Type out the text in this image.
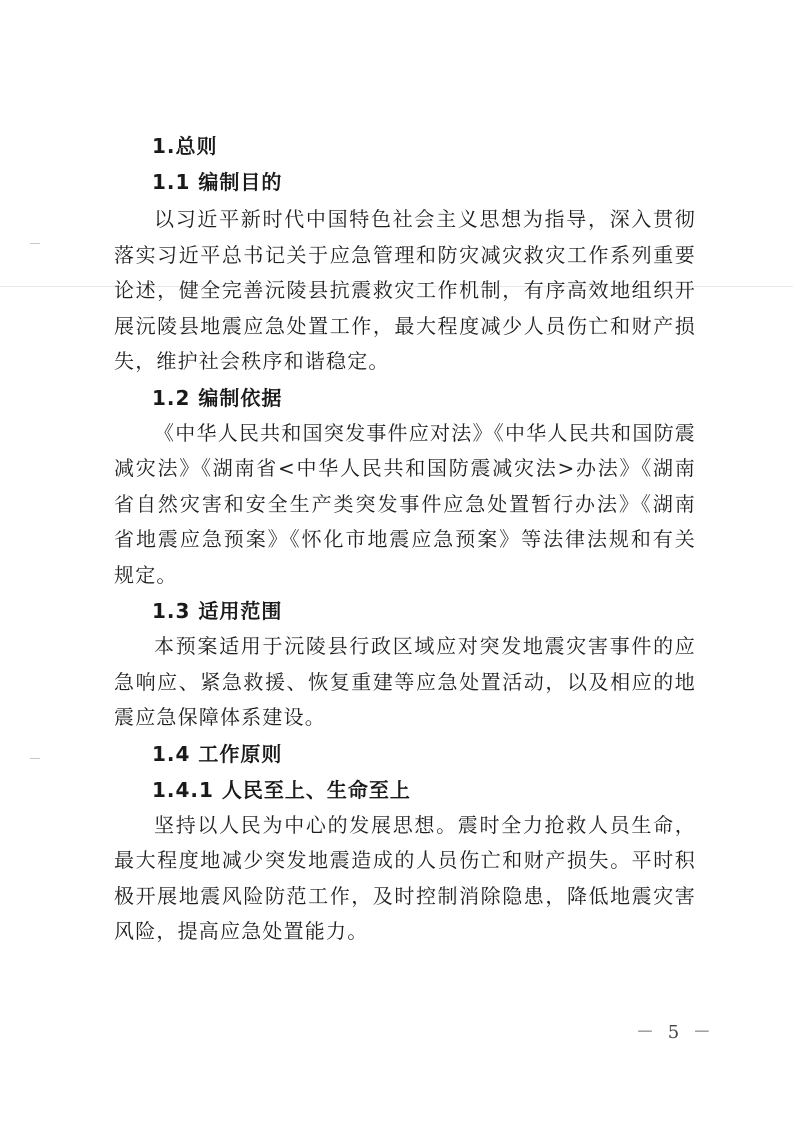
1.总则
1.1 编制目的

以习近平新时代中国特色社会主义思想为指导，深入贯彻落实习近平总书记关于应急管理和防灾减灾救灾工作系列重要论述，健全完善沅陵县抗震救灾工作机制，有序高效地组织开展沅陵县地震应急处置工作，最大程度减少人员伤亡和财产损失，维护社会秩序和谐稳定。

1.2 编制依据

《中华人民共和国突发事件应对法》《中华人民共和国防震减灾法》《湖南省<中华人民共和国防震减灾法>办法》《湖南省自然灾害和安全生产类突发事件应急处置暂行办法》《湖南省地震应急预案》《怀化市地震应急预案》等法律法规和有关规定。

1.3 适用范围

本预案适用于沅陵县行政区域应对突发地震灾害事件的应急响应、紧急救援、恢复重建等应急处置活动，以及相应的地震应急保障体系建设。

1.4 工作原则
1.4.1 人民至上、生命至上

坚持以人民为中心的发展思想。震时全力抢救人员生命，最大程度地减少突发地震造成的人员伤亡和财产损失。平时积极开展地震风险防范工作，及时控制消除隐患，降低地震灾害风险，提高应急处置能力。

－ 5 －
